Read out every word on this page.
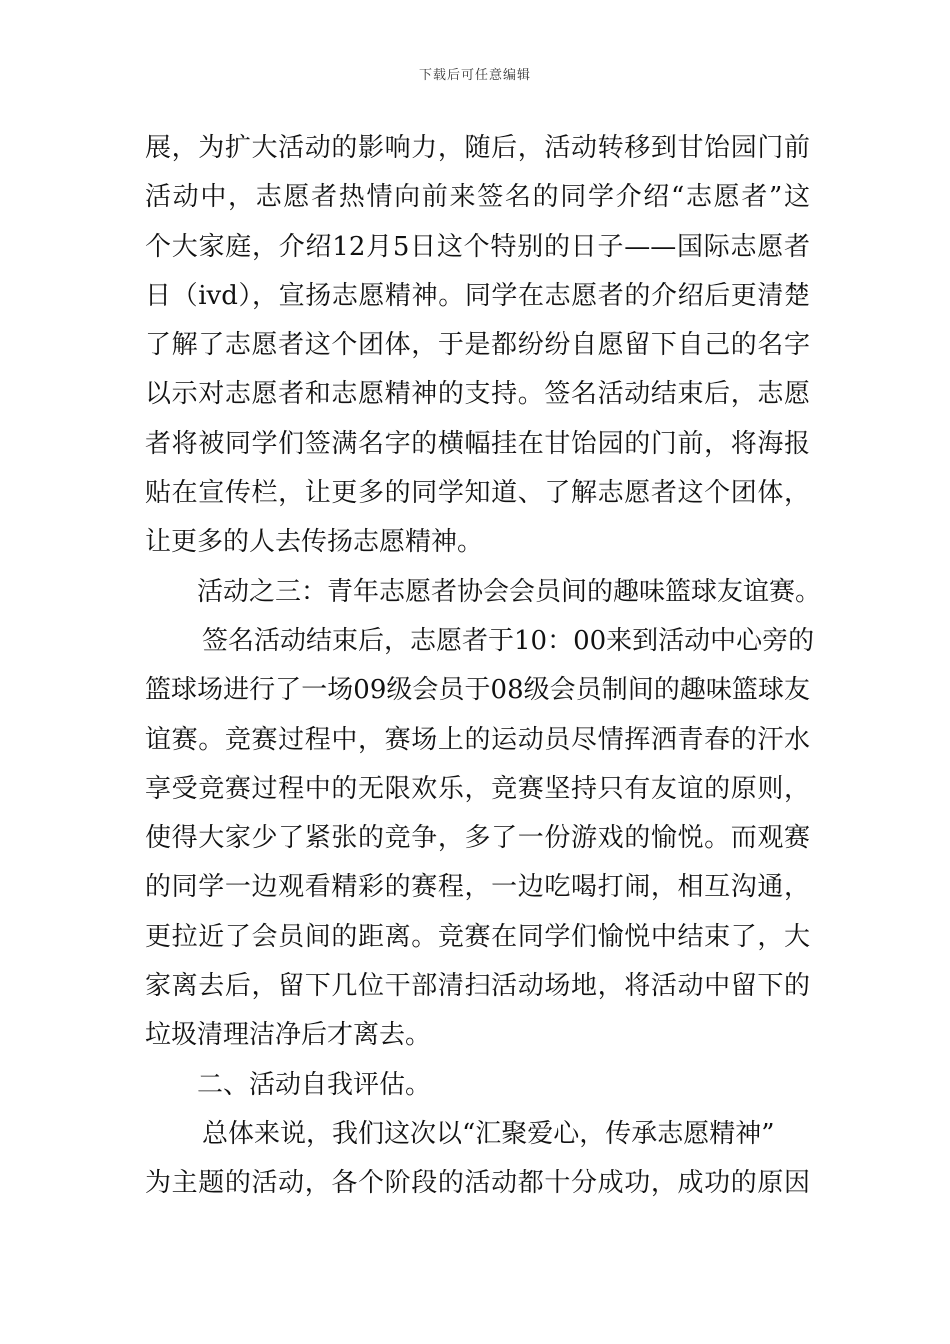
下载后可任意编辑
展，为扩大活动的影响力，随后，活动转移到甘饴园门前
活动中，志愿者热情向前来签名的同学介绍“志愿者”这
个大家庭，介绍12月5日这个特别的日子——国际志愿者
日（ivd），宣扬志愿精神。同学在志愿者的介绍后更清楚
了解了志愿者这个团体，于是都纷纷自愿留下自己的名字
以示对志愿者和志愿精神的支持。签名活动结束后，志愿
者将被同学们签满名字的横幅挂在甘饴园的门前，将海报
贴在宣传栏，让更多的同学知道、了解志愿者这个团体，
让更多的人去传扬志愿精神。
活动之三：青年志愿者协会会员间的趣味篮球友谊赛。
签名活动结束后，志愿者于10：00来到活动中心旁的
篮球场进行了一场09级会员于08级会员制间的趣味篮球友
谊赛。竞赛过程中，赛场上的运动员尽情挥洒青春的汗水
享受竞赛过程中的无限欢乐，竞赛坚持只有友谊的原则，
使得大家少了紧张的竞争，多了一份游戏的愉悦。而观赛
的同学一边观看精彩的赛程，一边吃喝打闹，相互沟通，
更拉近了会员间的距离。竞赛在同学们愉悦中结束了，大
家离去后，留下几位干部清扫活动场地，将活动中留下的
垃圾清理洁净后才离去。
二、活动自我评估。
总体来说，我们这次以“汇聚爱心，传承志愿精神”
为主题的活动，各个阶段的活动都十分成功，成功的原因
